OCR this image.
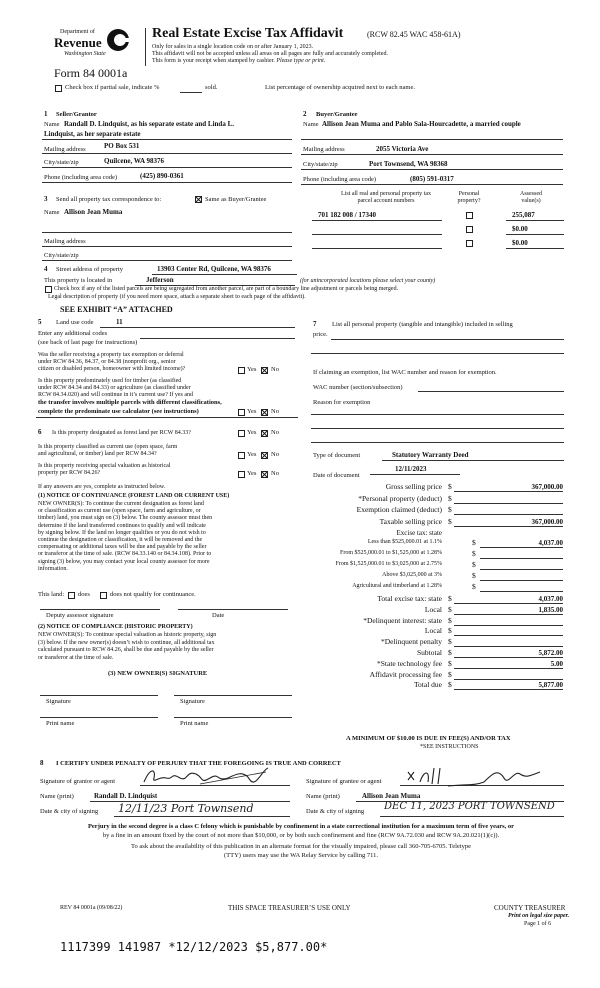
Department of
Revenue
Washington State
Real Estate Excise Tax Affidavit	(RCW 82.45 WAC 458-61A)
Only for sales in a single location code on or after January 1, 2023.
This affidavit will not be accepted unless all areas on all pages are fully and accurately completed.
This form is your receipt when stamped by cashier. Please type or print.
Form 84 0001a
Check box if partial sale, indicate %	sold.	List percentage of ownership acquired next to each name.
1 Seller/Grantor
Name Randall D. Lindquist, as his separate estate and Linda L.
Lindquist, as her separate estate
Mailing address	PO Box 531
City/state/zip	Quilcene, WA 98376
Phone (including area code)	(425) 890-0361
2 Buyer/Grantee
Name Allison Jean Muma and Pablo Sala-Hourcadette, a married couple
Mailing address	2055 Victoria Ave
City/state/zip	Port Townsend, WA 98368
Phone (including area code)	(805) 591-0317
3 Send all property tax correspondence to:	Same as Buyer/Grantee
Name Allison Jean Muma
Mailing address
City/state/zip
List all real and personal property tax
parcel account numbers
Personal
property?
Assessed
value(s)
701 182 008 / 17340	255,087
$0.00
$0.00
4 Street address of property	13903 Center Rd, Quilcene, WA 98376
This property is located in	Jefferson	(for unincorporated locations please select your county)
Check box if any of the listed parcels are being segregated from another parcel, are part of a boundary line adjustment or parcels being merged.
Legal description of property (if you need more space, attach a separate sheet to each page of the affidavit).
SEE EXHIBIT “A” ATTACHED
5 Land use code	11
Enter any additional codes
(see back of last page for instructions)
Was the seller receiving a property tax exemption or deferral
under RCW 84.36, 84.37, or 84.38 (nonprofit org., senior
citizen or disabled person, homeowner with limited income)?	Yes No
Is this property predominately used for timber (as classified
under RCW 84.34 and 84.33) or agriculture (as classified under
RCW 84.34.020) and will continue in it’s current use? If yes and
the transfer involves multiple parcels with different classifications,
complete the predominate use calculator (see instructions)	Yes No
6 Is this property designated as forest land per RCW 84.33?	Yes No
Is this property classified as current use (open space, farm
and agricultural, or timber) land per RCW 84.34?	Yes No
Is this property receiving special valuation as historical
property per RCW 84.26?	Yes No
If any answers are yes, complete as instructed below.
(1) NOTICE OF CONTINUANCE (FOREST LAND OR CURRENT USE)
NEW OWNER(S): To continue the current designation as forest land
or classification as current use (open space, farm and agriculture, or
timber) land, you must sign on (3) below. The county assessor must then
determine if the land transferred continues to qualify and will indicate
by signing below. If the land no longer qualifies or you do not wish to
continue the designation or classification, it will be removed and the
compensating or additional taxes will be due and payable by the seller
or transferor at the time of sale. (RCW 84.33.140 or 84.34.108). Prior to
signing (3) below, you may contact your local county assessor for more
information.
This land: does	does not qualify for continuance.
Deputy assessor signature	Date
(2) NOTICE OF COMPLIANCE (HISTORIC PROPERTY)
NEW OWNER(S): To continue special valuation as historic property, sign
(3) below. If the new owner(s) doesn’t wish to continue, all additional tax
calculated pursuant to RCW 84.26, shall be due and payable by the seller
or transferor at the time of sale.
(3) NEW OWNER(S) SIGNATURE
Signature	Signature
Print name	Print name
7 List all personal property (tangible and intangible) included in selling
price.
If claiming an exemption, list WAC number and reason for exemption.
WAC number (section/subsection)
Reason for exemption
Type of document	Statutory Warranty Deed
Date of document
12/11/2023
Gross selling price $	367,000.00
*Personal property (deduct) $
Exemption claimed (deduct) $
Taxable selling price $	367,000.00
Excise tax: state
Less than $525,000.01 at 1.1%	$	4,037.00
From $525,000.01 to $1,525,000 at 1.28%	$
From $1,525,000.01 to $3,025,000 at 2.75%	$
Above $3,025,000 at 3%	$
Agricultural and timberland at 1.28%	$
Total excise tax: state $	4,037.00
Local $	1,835.00
*Delinquent interest: state $
Local $
*Delinquent penalty $
Subtotal $	5,872.00
*State technology fee $	5.00
Affidavit processing fee $
Total due $	5,877.00
A MINIMUM OF $10.00 IS DUE IN FEE(S) AND/OR TAX
*SEE INSTRUCTIONS
8 I CERTIFY UNDER PENALTY OF PERJURY THAT THE FOREGOING IS TRUE AND CORRECT
Signature of grantor or agent	Signature of grantee or agent
Name (print)	Randall D. Lindquist	Name (print)	Allison Jean Muma
Date & city of signing 12/11/23 Port Townsend	Date & city of signing DEC 11, 2023 PORT TOWNSEND
Perjury in the second degree is a class C felony which is punishable by confinement in a state correctional institution for a maximum term of five years, or
by a fine in an amount fixed by the court of not more than $10,000, or by both such confinement and fine (RCW 9A.72.030 and RCW 9A.20.021(1)(c)).
To ask about the availability of this publication in an alternate format for the visually impaired, please call 360-705-6705. Teletype
(TTY) users may use the WA Relay Service by calling 711.
REV 84 0001a (09/08/22)	THIS SPACE TREASURER’S USE ONLY	COUNTY TREASURER
Print on legal size paper.
Page 1 of 6
1117399 141987 *12/12/2023 $5,877.00*
